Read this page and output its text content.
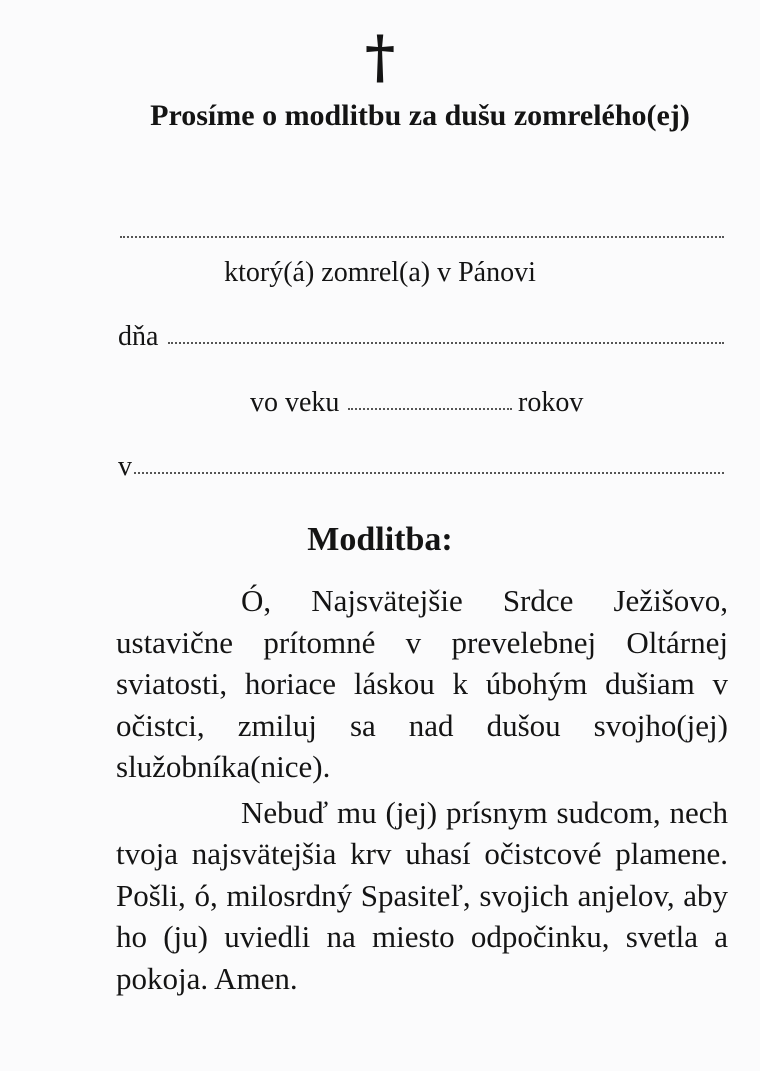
†
Prosíme o modlitbu za dušu zomrelého(ej)
ktorý(á) zomrel(a) v Pánovi
dňa
vo veku	rokov
v
Modlitba:

Ó, Najsvätejšie Srdce Ježišovo, ustavične prítomné v prevelebnej Oltárnej sviatosti, horiace láskou k úbohým dušiam v očistci, zmiluj sa nad dušou svojho(jej) služobníka(nice).

Nebuď mu (jej) prísnym sudcom, nech tvoja najsvätejšia krv uhasí očistcové plamene. Pošli, ó, milosrdný Spasiteľ, svojich anjelov, aby ho (ju) uviedli na miesto odpočinku, svetla a pokoja. Amen.
